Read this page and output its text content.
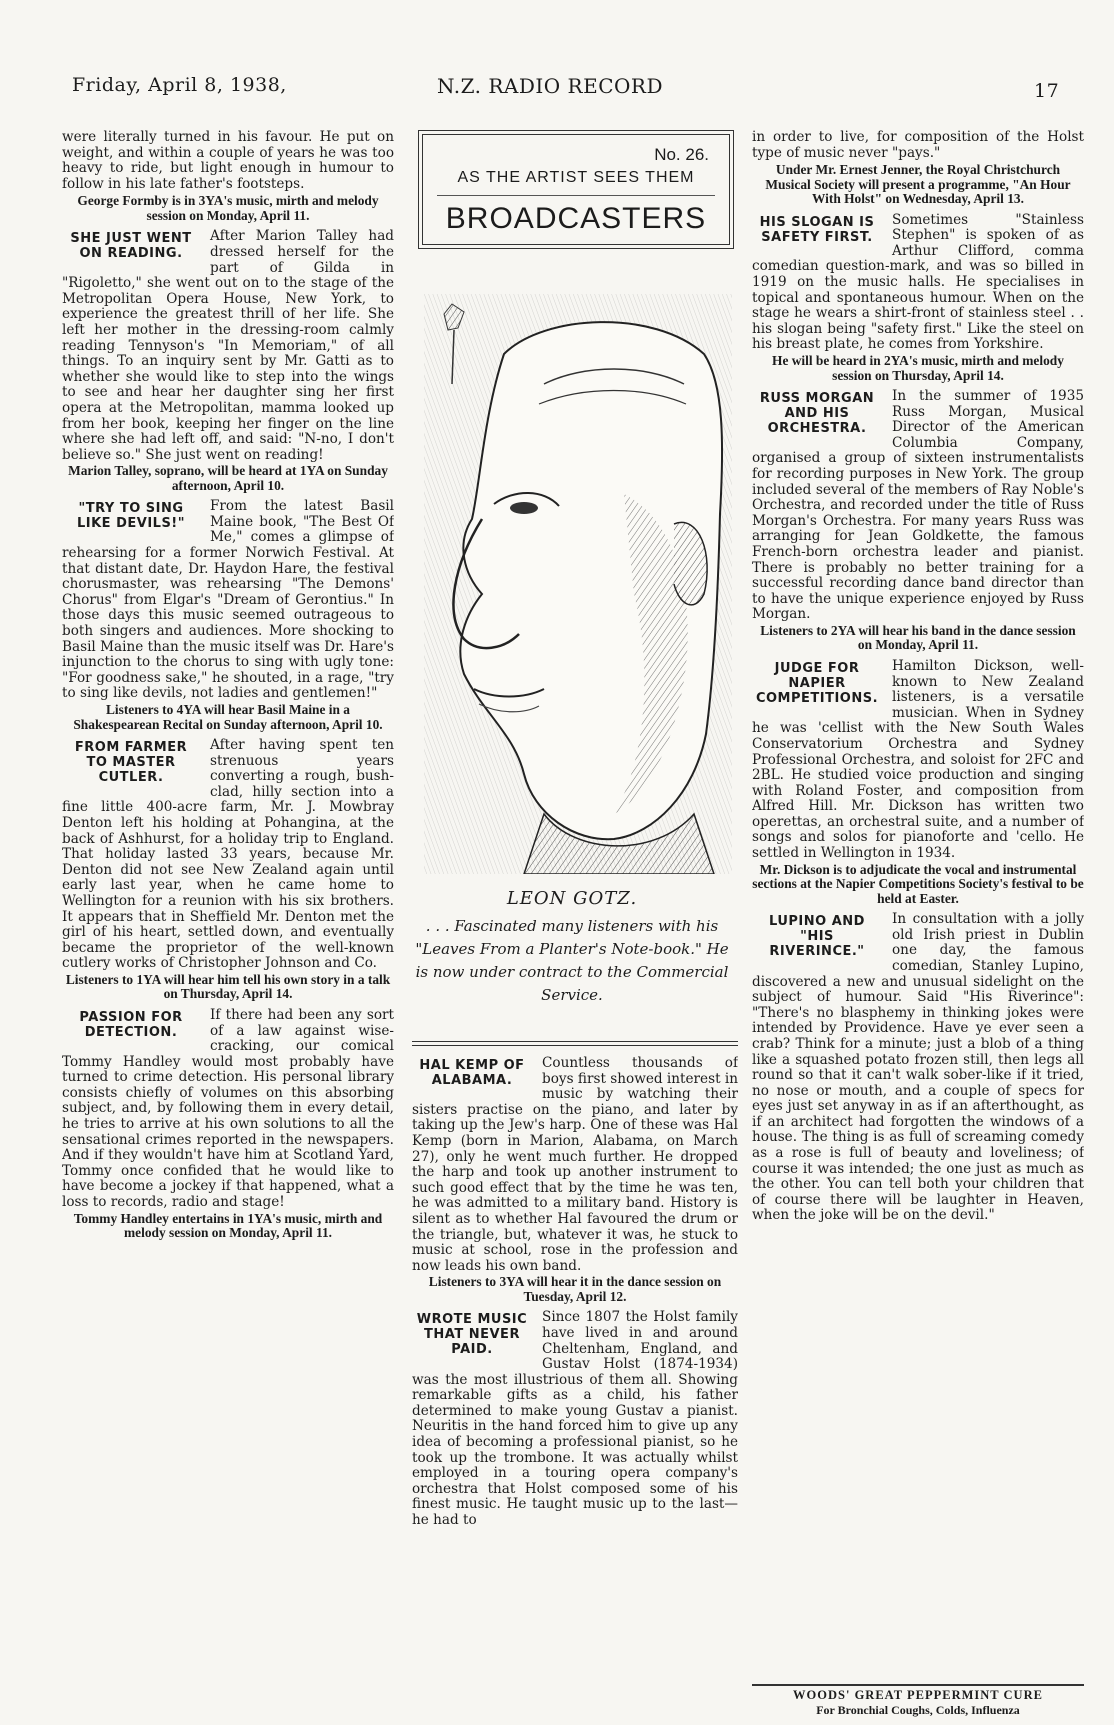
Friday, April 8, 1938,	N.Z. RADIO RECORD	17

were literally turned in his favour. He put on weight, and within a couple of years he was too heavy to ride, but light enough in humour to follow in his late father's footsteps.

George Formby is in 3YA's music, mirth and melody session on Monday, April 11.
SHE JUST WENT ON READING.

After Marion Talley had dressed herself for the part of Gilda in "Rigoletto," she went out on to the stage of the Metropolitan Opera House, New York, to experience the greatest thrill of her life. She left her mother in the dressing-room calmly reading Tennyson's "In Memoriam," of all things. To an inquiry sent by Mr. Gatti as to whether she would like to step into the wings to see and hear her daughter sing her first opera at the Metropolitan, mamma looked up from her book, keeping her finger on the line where she had left off, and said: "N-no, I don't believe so." She just went on reading!

Marion Talley, soprano, will be heard at 1YA on Sunday afternoon, April 10.
"TRY TO SING LIKE DEVILS!"

From the latest Basil Maine book, "The Best Of Me," comes a glimpse of rehearsing for a former Norwich Festival. At that distant date, Dr. Haydon Hare, the festival chorusmaster, was rehearsing "The Demons' Chorus" from Elgar's "Dream of Gerontius." In those days this music seemed outrageous to both singers and audiences. More shocking to Basil Maine than the music itself was Dr. Hare's injunction to the chorus to sing with ugly tone: "For goodness sake," he shouted, in a rage, "try to sing like devils, not ladies and gentlemen!"

Listeners to 4YA will hear Basil Maine in a Shakespearean Recital on Sunday afternoon, April 10.
FROM FARMER TO MASTER CUTLER.

After having spent ten strenuous years converting a rough, bush-clad, hilly section into a fine little 400-acre farm, Mr. J. Mowbray Denton left his holding at Pohangina, at the back of Ashhurst, for a holiday trip to England. That holiday lasted 33 years, because Mr. Denton did not see New Zealand again until early last year, when he came home to Wellington for a reunion with his six brothers. It appears that in Sheffield Mr. Denton met the girl of his heart, settled down, and eventually became the proprietor of the well-known cutlery works of Christopher Johnson and Co.

Listeners to 1YA will hear him tell his own story in a talk on Thursday, April 14.
PASSION FOR DETECTION.

If there had been any sort of a law against wise-cracking, our comical Tommy Handley would most probably have turned to crime detection. His personal library consists chiefly of volumes on this absorbing subject, and, by following them in every detail, he tries to arrive at his own solutions to all the sensational crimes reported in the newspapers. And if they wouldn't have him at Scotland Yard, Tommy once confided that he would like to have become a jockey if that happened, what a loss to records, radio and stage!

Tommy Handley entertains in 1YA's music, mirth and melody session on Monday, April 11.
No. 26.
AS THE ARTIST SEES THEM
BROADCASTERS
LEON GOTZ.
. . . Fascinated many listeners with his "Leaves From a Planter's Note-book." He is now under contract to the Commercial Service.
HAL KEMP OF ALABAMA.

Countless thousands of boys first showed interest in music by watching their sisters practise on the piano, and later by taking up the Jew's harp. One of these was Hal Kemp (born in Marion, Alabama, on March 27), only he went much further. He dropped the harp and took up another instrument to such good effect that by the time he was ten, he was admitted to a military band. History is silent as to whether Hal favoured the drum or the triangle, but, whatever it was, he stuck to music at school, rose in the profession and now leads his own band.

Listeners to 3YA will hear it in the dance session on Tuesday, April 12.
WROTE MUSIC THAT NEVER PAID.

Since 1807 the Holst family have lived in and around Cheltenham, England, and Gustav Holst (1874-1934) was the most illustrious of them all. Showing remarkable gifts as a child, his father determined to make young Gustav a pianist. Neuritis in the hand forced him to give up any idea of becoming a professional pianist, so he took up the trombone. It was actually whilst employed in a touring opera company's orchestra that Holst composed some of his finest music. He taught music up to the last—he had to

in order to live, for composition of the Holst type of music never "pays."

Under Mr. Ernest Jenner, the Royal Christchurch Musical Society will present a programme, "An Hour With Holst" on Wednesday, April 13.
HIS SLOGAN IS SAFETY FIRST.

Sometimes "Stainless Stephen" is spoken of as Arthur Clifford, comma comedian question-mark, and was so billed in 1919 on the music halls. He specialises in topical and spontaneous humour. When on the stage he wears a shirt-front of stainless steel . . his slogan being "safety first." Like the steel on his breast plate, he comes from Yorkshire.

He will be heard in 2YA's music, mirth and melody session on Thursday, April 14.
RUSS MORGAN AND HIS ORCHESTRA.

In the summer of 1935 Russ Morgan, Musical Director of the American Columbia Company, organised a group of sixteen instrumentalists for recording purposes in New York. The group included several of the members of Ray Noble's Orchestra, and recorded under the title of Russ Morgan's Orchestra. For many years Russ was arranging for Jean Goldkette, the famous French-born orchestra leader and pianist. There is probably no better training for a successful recording dance band director than to have the unique experience enjoyed by Russ Morgan.

Listeners to 2YA will hear his band in the dance session on Monday, April 11.
JUDGE FOR NAPIER COMPETITIONS.

Hamilton Dickson, well-known to New Zealand listeners, is a versatile musician. When in Sydney he was 'cellist with the New South Wales Conservatorium Orchestra and Sydney Professional Orchestra, and soloist for 2FC and 2BL. He studied voice production and singing with Roland Foster, and composition from Alfred Hill. Mr. Dickson has written two operettas, an orchestral suite, and a number of songs and solos for pianoforte and 'cello. He settled in Wellington in 1934.

Mr. Dickson is to adjudicate the vocal and instrumental sections at the Napier Competitions Society's festival to be held at Easter.
LUPINO AND "HIS RIVERINCE."

In consultation with a jolly old Irish priest in Dublin one day, the famous comedian, Stanley Lupino, discovered a new and unusual sidelight on the subject of humour. Said "His Riverince": "There's no blasphemy in thinking jokes were intended by Providence. Have ye ever seen a crab? Think for a minute; just a blob of a thing like a squashed potato frozen still, then legs all round so that it can't walk sober-like if it tried, no nose or mouth, and a couple of specs for eyes just set anyway in as if an afterthought, as if an architect had forgotten the windows of a house. The thing is as full of screaming comedy as a rose is full of beauty and loveliness; of course it was intended; the one just as much as the other. You can tell both your children that of course there will be laughter in Heaven, when the joke will be on the devil."

WOODS' GREAT PEPPERMINT CURE
For Bronchial Coughs, Colds, Influenza
